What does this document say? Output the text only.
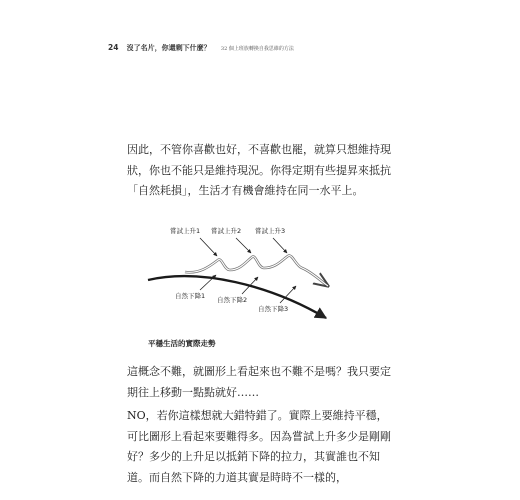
24 沒了名片，你還剩下什麼？ 32 個上班族轉換自我思維的方法
因此，不管你喜歡也好，不喜歡也罷，就算只想維持現狀，你也不能只是維持現況。你得定期有些提昇來抵抗「自然耗損」，生活才有機會維持在同一水平上。
嘗試上升1 嘗試上升2 嘗試上升3
自然下降1 自然下降2
自然下降3
平穩生活的實際走勢
這概念不難，就圖形上看起來也不難不是嗎？我只要定期往上移動一點點就好……
NO，若你這樣想就大錯特錯了。實際上要維持平穩，可比圖形上看起來要難得多。因為嘗試上升多少是剛剛好？多少的上升足以抵銷下降的拉力，其實誰也不知道。而自然下降的力道其實是時時不一樣的，
